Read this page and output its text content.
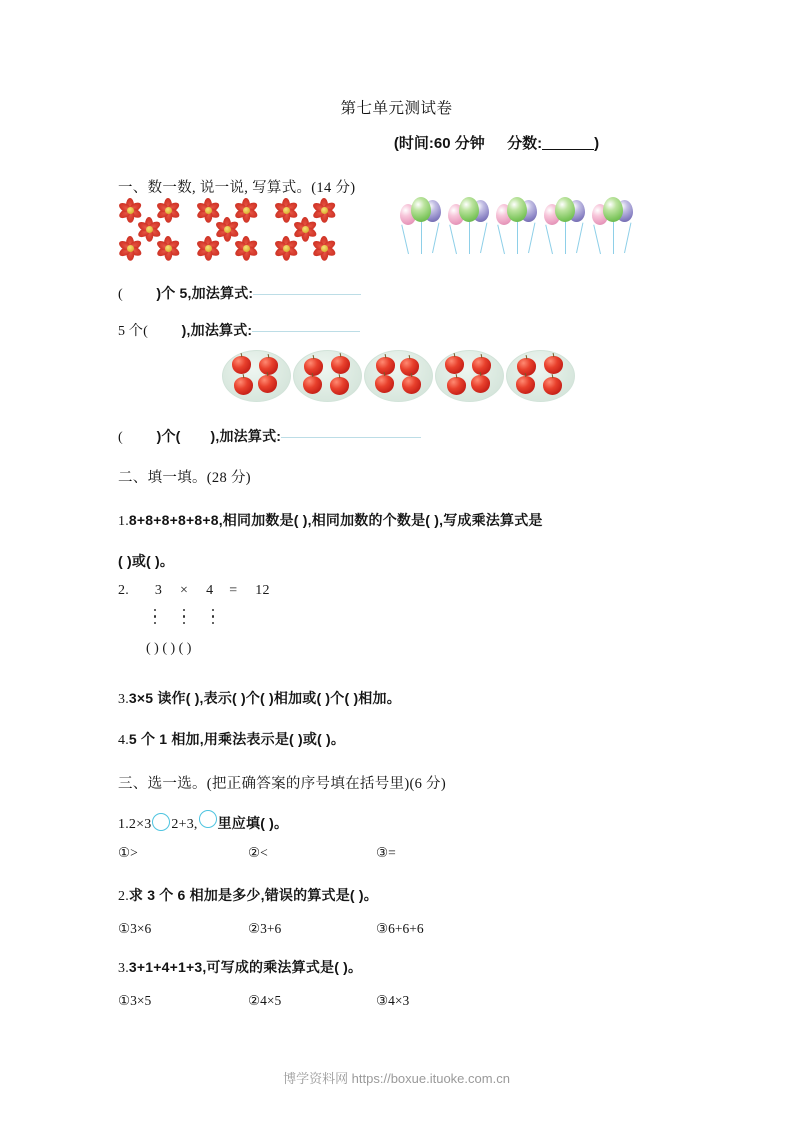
第七单元测试卷
(时间:60 分钟 分数:	)
一、数一数, 说一说, 写算式。(14 分)
( )个 5,加法算式:
5 个( ),加法算式:
( )个( ),加法算式:
二、填一填。(28 分)
1.8+8+8+8+8+8,相同加数是( ),相同加数的个数是( ),写成乘法算式是
( )或( )。
2. 3 × 4 = 12
( ) ( ) ( )
3.3×5 读作( ),表示( )个( )相加或( )个( )相加。
4.5 个 1 相加,用乘法表示是( )或( )。
三、选一选。(把正确答案的序号填在括号里)(6 分)
1.2×3 2+3, 里应填( )。
①>	②<	③=
2.求 3 个 6 相加是多少,错误的算式是( )。
①3×6	②3+6	③6+6+6
3.3+1+4+1+3,可写成的乘法算式是( )。
①3×5	②4×5	③4×3
博学资料网 https://boxue.ituoke.com.cn
